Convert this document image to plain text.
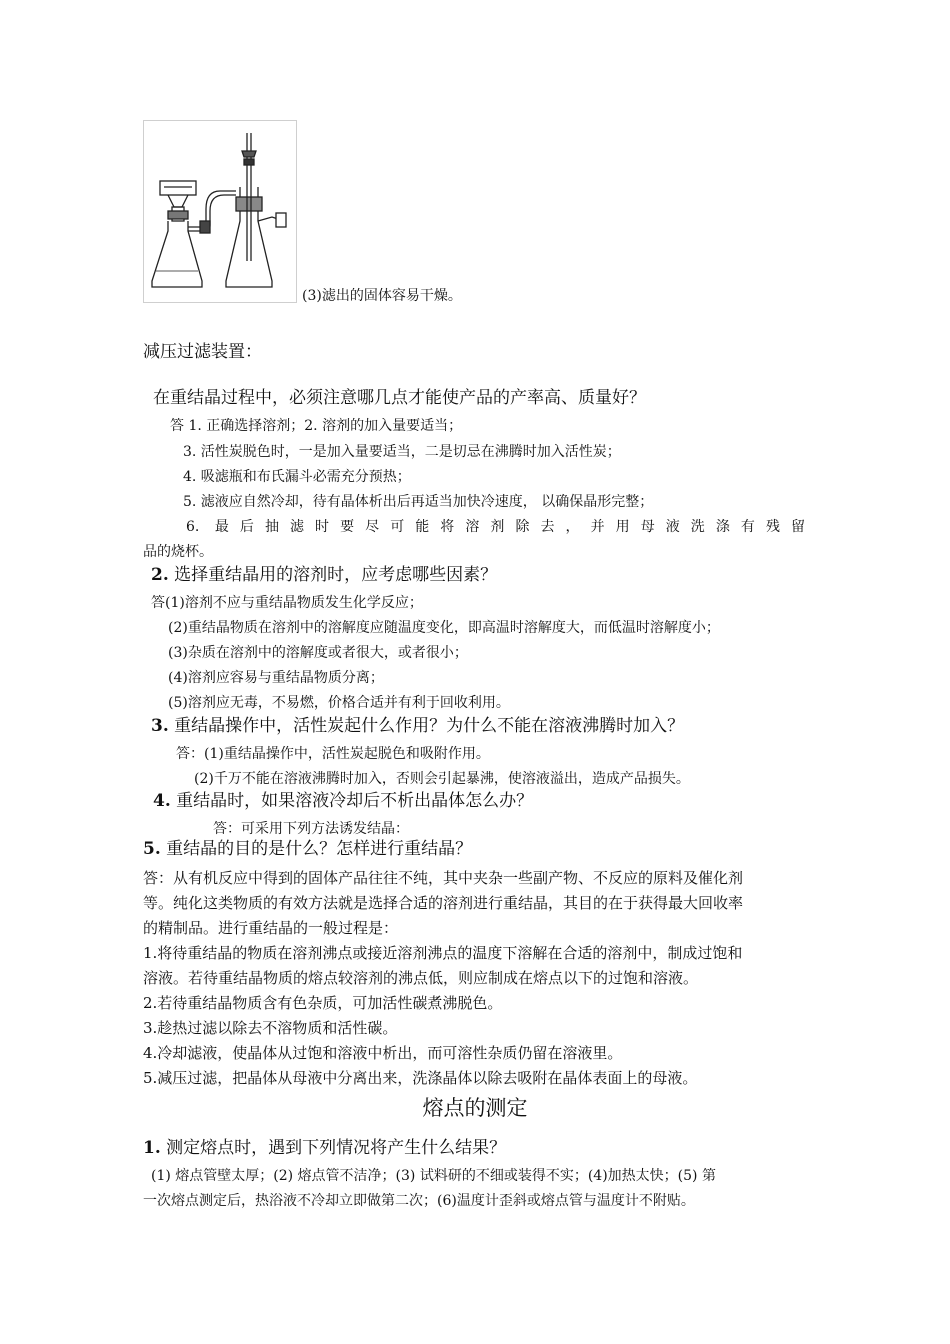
(3)滤出的固体容易干燥。
减压过滤装置：
在重结晶过程中，必须注意哪几点才能使产品的产率高、质量好？
答 1. 正确选择溶剂；2. 溶剂的加入量要适当；
3. 活性炭脱色时，一是加入量要适当，二是切忌在沸腾时加入活性炭；
4. 吸滤瓶和布氏漏斗必需充分预热；
5. 滤液应自然冷却，待有晶体析出后再适当加快冷速度， 以确保晶形完整；
6. 最后抽滤时要尽可能将溶剂除去，并用母液洗涤有残留
品的烧杯。
2. 选择重结晶用的溶剂时，应考虑哪些因素？
答(1)溶剂不应与重结晶物质发生化学反应；
(2)重结晶物质在溶剂中的溶解度应随温度变化，即高温时溶解度大，而低温时溶解度小；
(3)杂质在溶剂中的溶解度或者很大，或者很小；
(4)溶剂应容易与重结晶物质分离；
(5)溶剂应无毒，不易燃，价格合适并有利于回收利用。
3. 重结晶操作中，活性炭起什么作用？为什么不能在溶液沸腾时加入？
答：(1)重结晶操作中，活性炭起脱色和吸附作用。
(2)千万不能在溶液沸腾时加入，否则会引起暴沸，使溶液溢出，造成产品损失。
4. 重结晶时，如果溶液冷却后不析出晶体怎么办？
答：可采用下列方法诱发结晶：
5. 重结晶的目的是什么？怎样进行重结晶？
答：从有机反应中得到的固体产品往往不纯，其中夹杂一些副产物、不反应的原料及催化剂
等。纯化这类物质的有效方法就是选择合适的溶剂进行重结晶，其目的在于获得最大回收率
的精制品。进行重结晶的一般过程是：
1.将待重结晶的物质在溶剂沸点或接近溶剂沸点的温度下溶解在合适的溶剂中，制成过饱和
溶液。若待重结晶物质的熔点较溶剂的沸点低，则应制成在熔点以下的过饱和溶液。
2.若待重结晶物质含有色杂质，可加活性碳煮沸脱色。
3.趁热过滤以除去不溶物质和活性碳。
4.冷却滤液，使晶体从过饱和溶液中析出，而可溶性杂质仍留在溶液里。
5.减压过滤，把晶体从母液中分离出来，洗涤晶体以除去吸附在晶体表面上的母液。
熔点的测定
1. 测定熔点时，遇到下列情况将产生什么结果？
(1) 熔点管壁太厚；(2) 熔点管不洁净；(3) 试料研的不细或装得不实；(4)加热太快；(5) 第
一次熔点测定后，热浴液不冷却立即做第二次；(6)温度计歪斜或熔点管与温度计不附贴。
